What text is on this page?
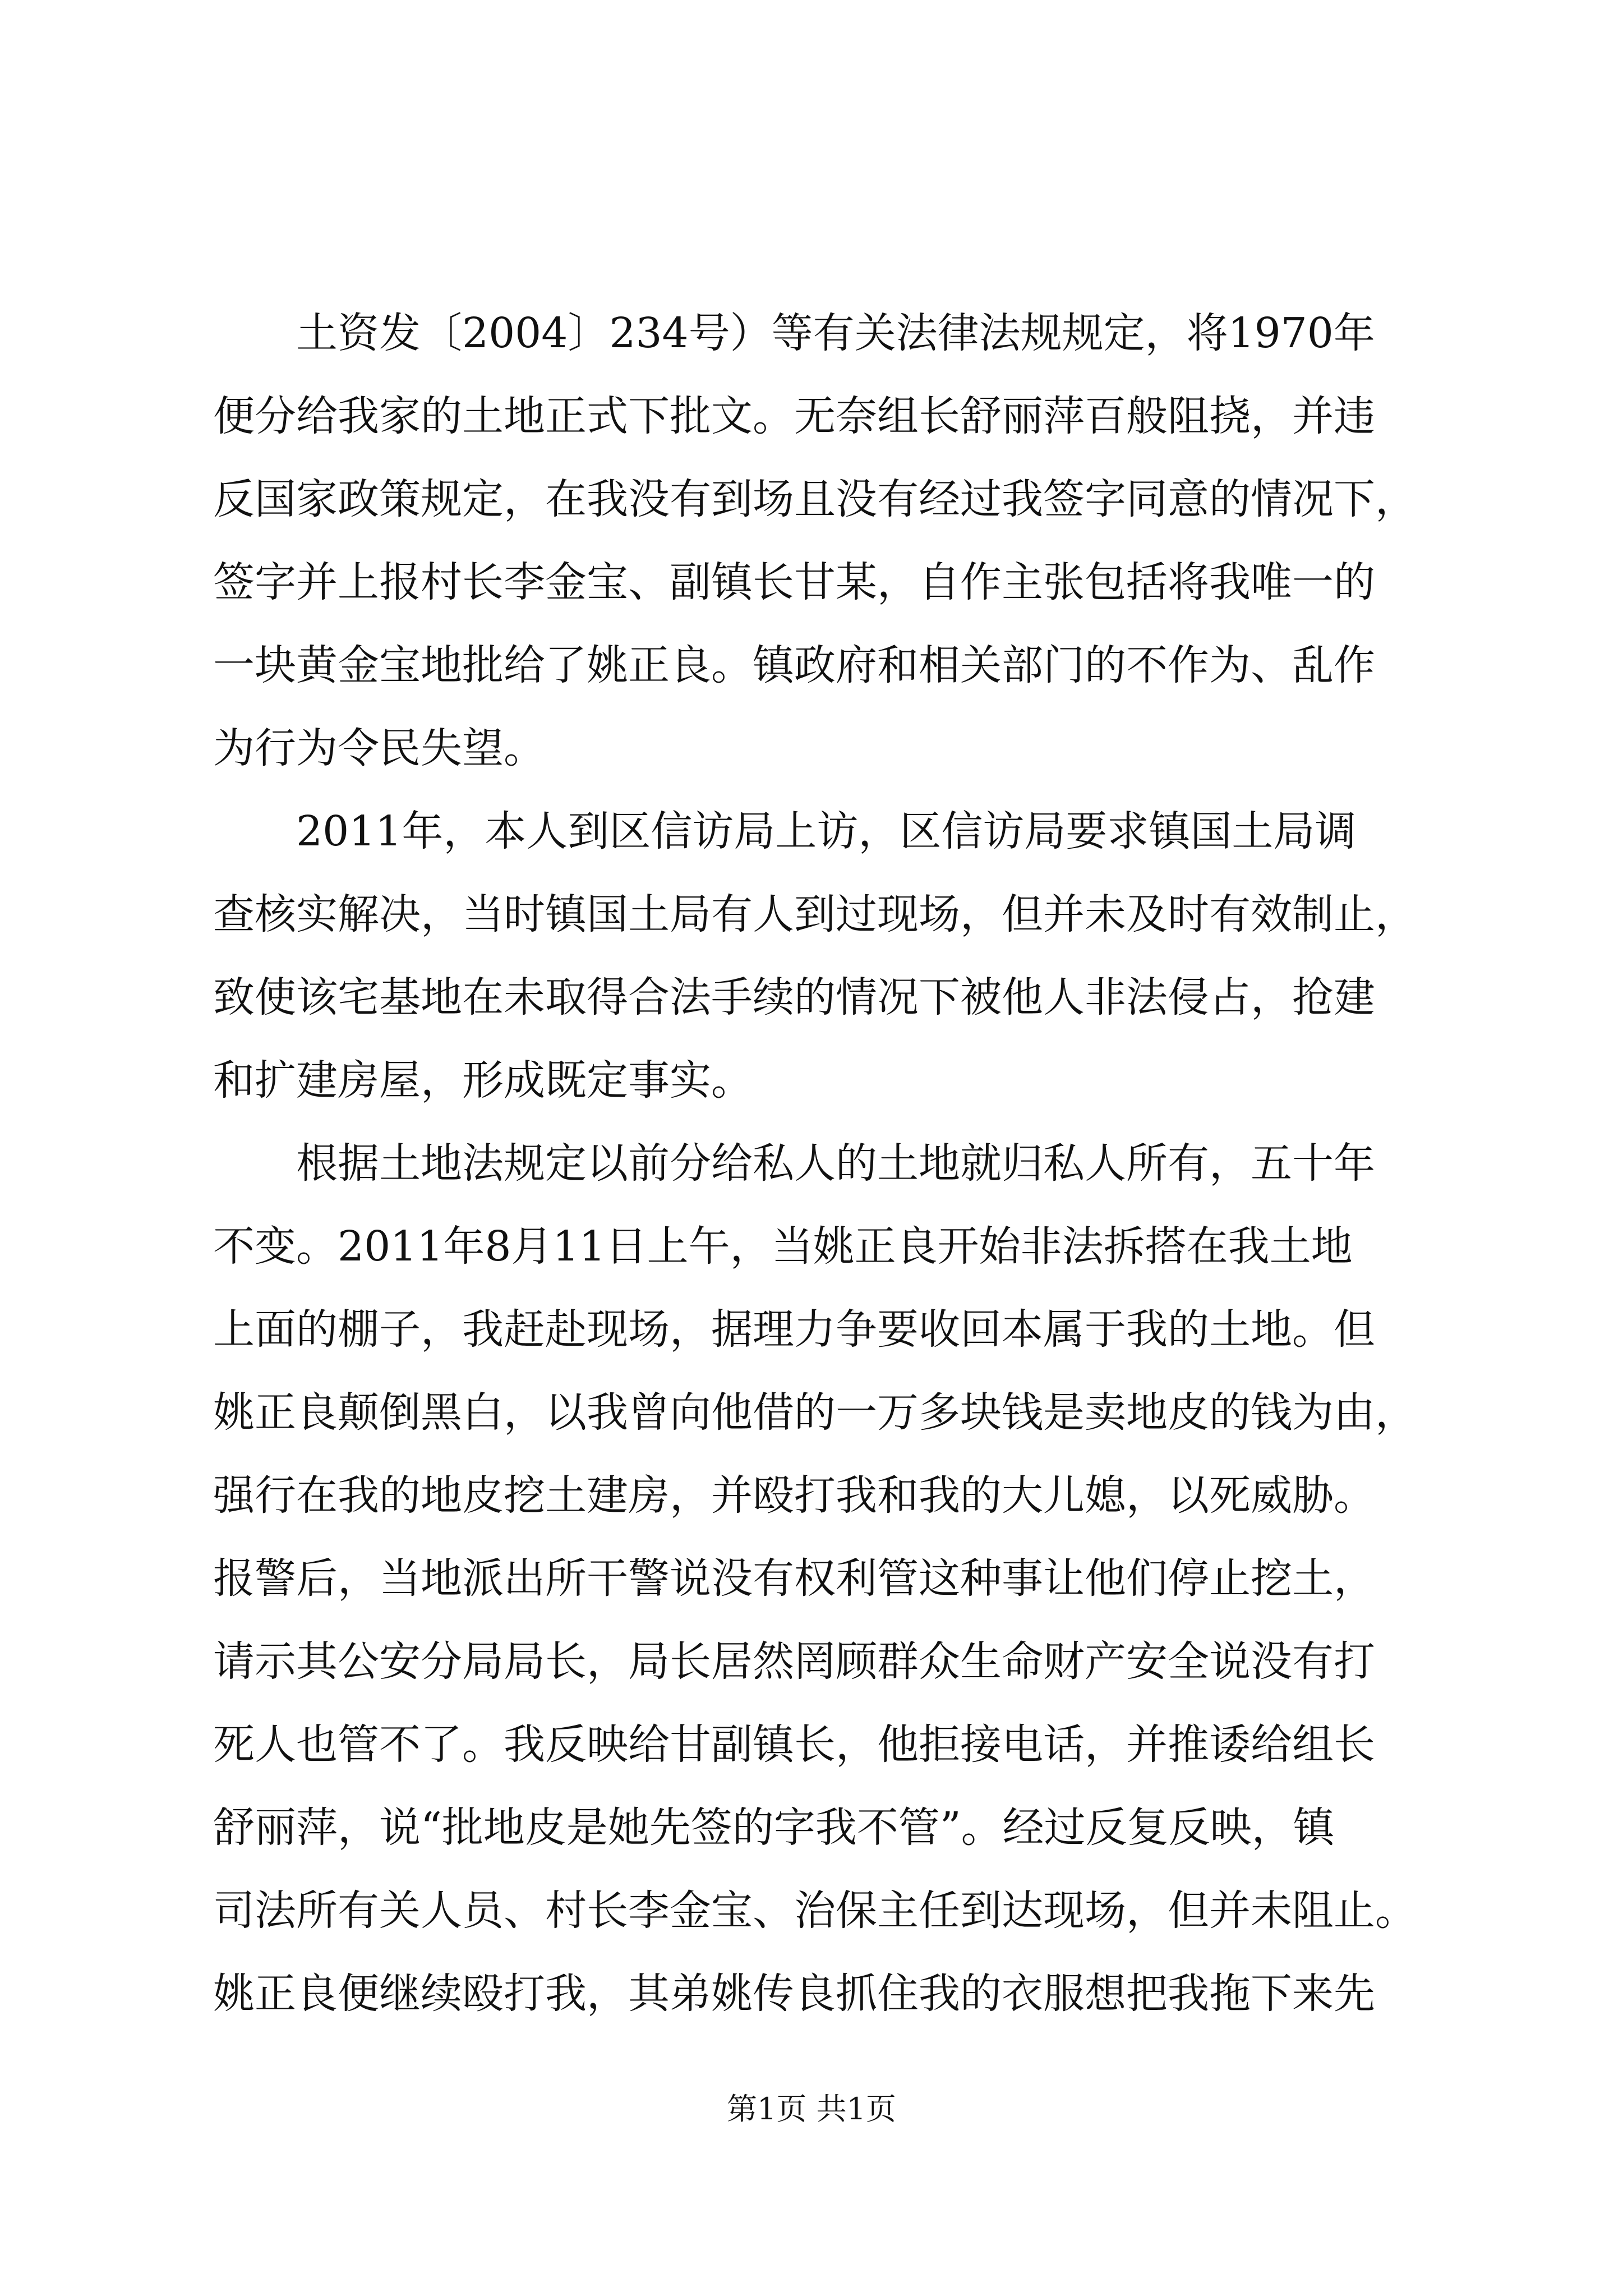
土资发〔2004〕234号）等有关法律法规规定，将1970年
便分给我家的土地正式下批文。无奈组长舒丽萍百般阻挠，并违
反国家政策规定，在我没有到场且没有经过我签字同意的情况下，
签字并上报村长李金宝、副镇长甘某，自作主张包括将我唯一的
一块黄金宝地批给了姚正良。镇政府和相关部门的不作为、乱作
为行为令民失望。
2011年，本人到区信访局上访，区信访局要求镇国土局调
查核实解决，当时镇国土局有人到过现场，但并未及时有效制止，
致使该宅基地在未取得合法手续的情况下被他人非法侵占，抢建
和扩建房屋，形成既定事实。
根据土地法规定以前分给私人的土地就归私人所有，五十年
不变。2011年8月11日上午，当姚正良开始非法拆搭在我土地
上面的棚子，我赶赴现场，据理力争要收回本属于我的土地。但
姚正良颠倒黑白，以我曾向他借的一万多块钱是卖地皮的钱为由，
强行在我的地皮挖土建房，并殴打我和我的大儿媳，以死威胁。
报警后，当地派出所干警说没有权利管这种事让他们停止挖土，
请示其公安分局局长，局长居然罔顾群众生命财产安全说没有打
死人也管不了。我反映给甘副镇长，他拒接电话，并推诿给组长
舒丽萍，说“批地皮是她先签的字我不管”。经过反复反映，镇
司法所有关人员、村长李金宝、治保主任到达现场，但并未阻止。
姚正良便继续殴打我，其弟姚传良抓住我的衣服想把我拖下来先
第1页 共1页
